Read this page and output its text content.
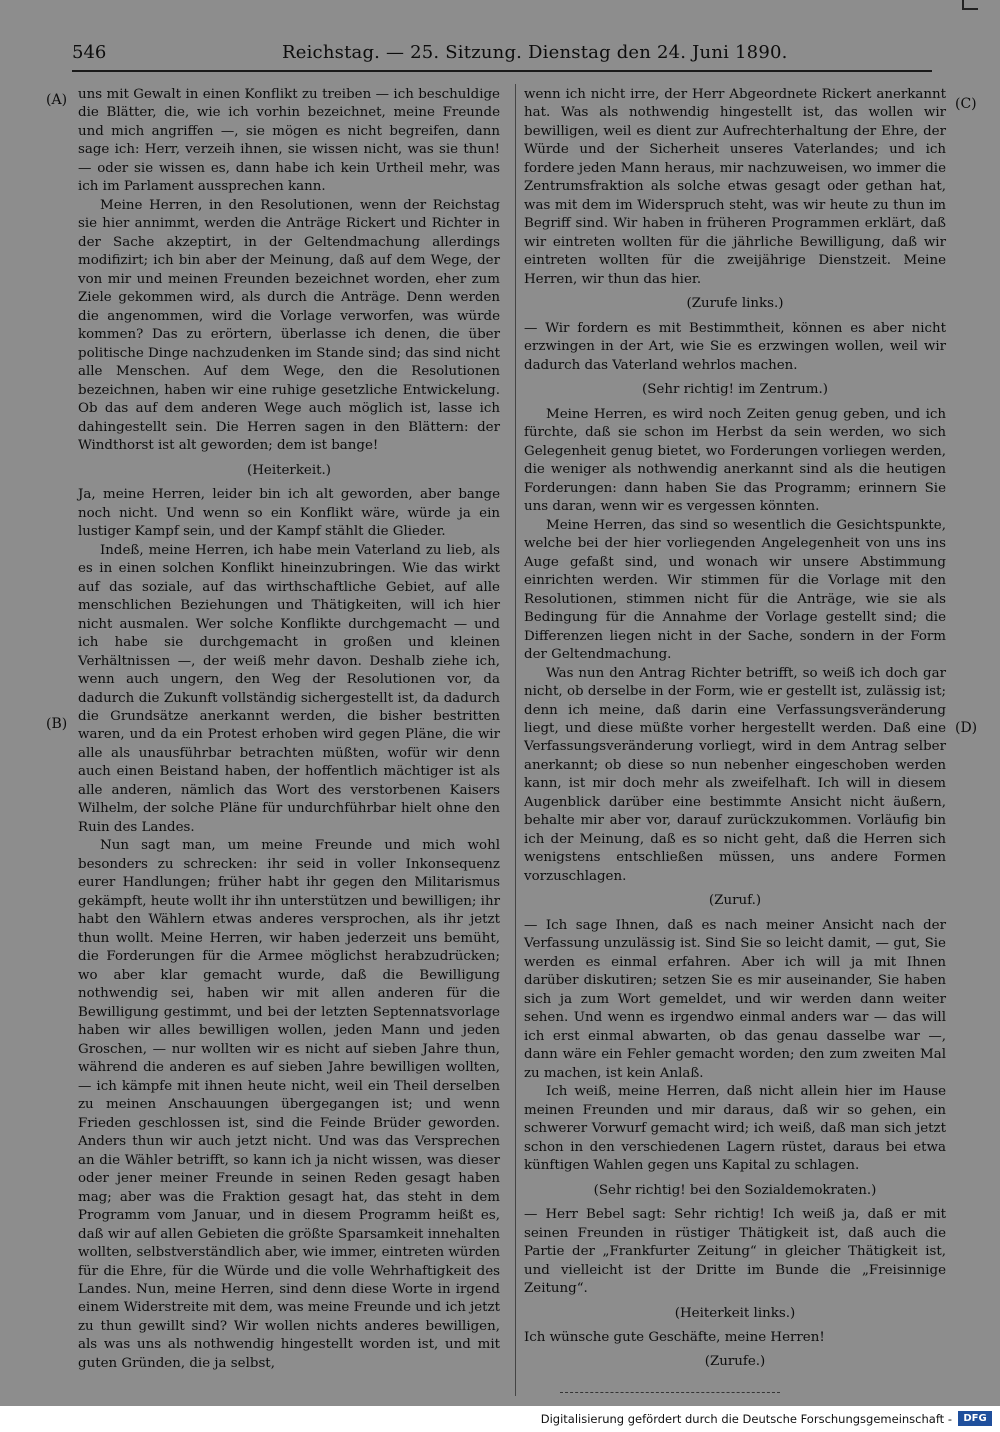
546	Reichstag. — 25. Sitzung. Dienstag den 24. Juni 1890.
(A)
(B)
(C)
(D)

uns mit Gewalt in einen Konflikt zu treiben — ich beschuldige die Blätter, die, wie ich vorhin bezeichnet, meine Freunde und mich angriffen —, sie mögen es nicht begreifen, dann sage ich: Herr, verzeih ihnen, sie wissen nicht, was sie thun! — oder sie wissen es, dann habe ich kein Urtheil mehr, was ich im Parlament aussprechen kann.

Meine Herren, in den Resolutionen, wenn der Reichstag sie hier annimmt, werden die Anträge Rickert und Richter in der Sache akzeptirt, in der Geltendmachung allerdings modifizirt; ich bin aber der Meinung, daß auf dem Wege, der von mir und meinen Freunden bezeichnet worden, eher zum Ziele gekommen wird, als durch die Anträge. Denn werden die angenommen, wird die Vorlage verworfen, was würde kommen? Das zu erörtern, überlasse ich denen, die über politische Dinge nachzudenken im Stande sind; das sind nicht alle Menschen. Auf dem Wege, den die Resolutionen bezeichnen, haben wir eine ruhige gesetzliche Entwickelung. Ob das auf dem anderen Wege auch möglich ist, lasse ich dahingestellt sein. Die Herren sagen in den Blättern: der Windthorst ist alt geworden; dem ist bange!

(Heiterkeit.)

Ja, meine Herren, leider bin ich alt geworden, aber bange noch nicht. Und wenn so ein Konflikt wäre, würde ja ein lustiger Kampf sein, und der Kampf stählt die Glieder.

Indeß, meine Herren, ich habe mein Vaterland zu lieb, als es in einen solchen Konflikt hineinzubringen. Wie das wirkt auf das soziale, auf das wirthschaftliche Gebiet, auf alle menschlichen Beziehungen und Thätigkeiten, will ich hier nicht ausmalen. Wer solche Konflikte durchgemacht — und ich habe sie durchgemacht in großen und kleinen Verhältnissen —, der weiß mehr davon. Deshalb ziehe ich, wenn auch ungern, den Weg der Resolutionen vor, da dadurch die Zukunft vollständig sichergestellt ist, da dadurch die Grundsätze anerkannt werden, die bisher bestritten waren, und da ein Protest erhoben wird gegen Pläne, die wir alle als unausführbar betrachten müßten, wofür wir denn auch einen Beistand haben, der hoffentlich mächtiger ist als alle anderen, nämlich das Wort des verstorbenen Kaisers Wilhelm, der solche Pläne für undurchführbar hielt ohne den Ruin des Landes.

Nun sagt man, um meine Freunde und mich wohl besonders zu schrecken: ihr seid in voller Inkonsequenz eurer Handlungen; früher habt ihr gegen den Militarismus gekämpft, heute wollt ihr ihn unterstützen und bewilligen; ihr habt den Wählern etwas anderes versprochen, als ihr jetzt thun wollt. Meine Herren, wir haben jederzeit uns bemüht, die Forderungen für die Armee möglichst herabzudrücken; wo aber klar gemacht wurde, daß die Bewilligung nothwendig sei, haben wir mit allen anderen für die Bewilligung gestimmt, und bei der letzten Septennatsvorlage haben wir alles bewilligen wollen, jeden Mann und jeden Groschen, — nur wollten wir es nicht auf sieben Jahre thun, während die anderen es auf sieben Jahre bewilligen wollten, — ich kämpfe mit ihnen heute nicht, weil ein Theil derselben zu meinen Anschauungen übergegangen ist; und wenn Frieden geschlossen ist, sind die Feinde Brüder geworden. Anders thun wir auch jetzt nicht. Und was das Versprechen an die Wähler betrifft, so kann ich ja nicht wissen, was dieser oder jener meiner Freunde in seinen Reden gesagt haben mag; aber was die Fraktion gesagt hat, das steht in dem Programm vom Januar, und in diesem Programm heißt es, daß wir auf allen Gebieten die größte Sparsamkeit innehalten wollten, selbstverständlich aber, wie immer, eintreten würden für die Ehre, für die Würde und die volle Wehrhaftigkeit des Landes. Nun, meine Herren, sind denn diese Worte in irgend einem Widerstreite mit dem, was meine Freunde und ich jetzt zu thun gewillt sind? Wir wollen nichts anderes bewilligen, als was uns als nothwendig hingestellt worden ist, und mit guten Gründen, die ja selbst,

wenn ich nicht irre, der Herr Abgeordnete Rickert anerkannt hat. Was als nothwendig hingestellt ist, das wollen wir bewilligen, weil es dient zur Aufrechterhaltung der Ehre, der Würde und der Sicherheit unseres Vaterlandes; und ich fordere jeden Mann heraus, mir nachzuweisen, wo immer die Zentrumsfraktion als solche etwas gesagt oder gethan hat, was mit dem im Widerspruch steht, was wir heute zu thun im Begriff sind. Wir haben in früheren Programmen erklärt, daß wir eintreten wollten für die jährliche Bewilligung, daß wir eintreten wollten für die zweijährige Dienstzeit. Meine Herren, wir thun das hier.

(Zurufe links.)

— Wir fordern es mit Bestimmtheit, können es aber nicht erzwingen in der Art, wie Sie es erzwingen wollen, weil wir dadurch das Vaterland wehrlos machen.

(Sehr richtig! im Zentrum.)

Meine Herren, es wird noch Zeiten genug geben, und ich fürchte, daß sie schon im Herbst da sein werden, wo sich Gelegenheit genug bietet, wo Forderungen vorliegen werden, die weniger als nothwendig anerkannt sind als die heutigen Forderungen: dann haben Sie das Programm; erinnern Sie uns daran, wenn wir es vergessen könnten.

Meine Herren, das sind so wesentlich die Gesichtspunkte, welche bei der hier vorliegenden Angelegenheit von uns ins Auge gefaßt sind, und wonach wir unsere Abstimmung einrichten werden. Wir stimmen für die Vorlage mit den Resolutionen, stimmen nicht für die Anträge, wie sie als Bedingung für die Annahme der Vorlage gestellt sind; die Differenzen liegen nicht in der Sache, sondern in der Form der Geltendmachung.

Was nun den Antrag Richter betrifft, so weiß ich doch gar nicht, ob derselbe in der Form, wie er gestellt ist, zulässig ist; denn ich meine, daß darin eine Verfassungsveränderung liegt, und diese müßte vorher hergestellt werden. Daß eine Verfassungsveränderung vorliegt, wird in dem Antrag selber anerkannt; ob diese so nun nebenher eingeschoben werden kann, ist mir doch mehr als zweifelhaft. Ich will in diesem Augenblick darüber eine bestimmte Ansicht nicht äußern, behalte mir aber vor, darauf zurückzukommen. Vorläufig bin ich der Meinung, daß es so nicht geht, daß die Herren sich wenigstens entschließen müssen, uns andere Formen vorzuschlagen.

(Zuruf.)

— Ich sage Ihnen, daß es nach meiner Ansicht nach der Verfassung unzulässig ist. Sind Sie so leicht damit, — gut, Sie werden es einmal erfahren. Aber ich will ja mit Ihnen darüber diskutiren; setzen Sie es mir auseinander, Sie haben sich ja zum Wort gemeldet, und wir werden dann weiter sehen. Und wenn es irgendwo einmal anders war — das will ich erst einmal abwarten, ob das genau dasselbe war —, dann wäre ein Fehler gemacht worden; den zum zweiten Mal zu machen, ist kein Anlaß.

Ich weiß, meine Herren, daß nicht allein hier im Hause meinen Freunden und mir daraus, daß wir so gehen, ein schwerer Vorwurf gemacht wird; ich weiß, daß man sich jetzt schon in den verschiedenen Lagern rüstet, daraus bei etwa künftigen Wahlen gegen uns Kapital zu schlagen.

(Sehr richtig! bei den Sozialdemokraten.)

— Herr Bebel sagt: Sehr richtig! Ich weiß ja, daß er mit seinen Freunden in rüstiger Thätigkeit ist, daß auch die Partie der „Frankfurter Zeitung“ in gleicher Thätigkeit ist, und vielleicht ist der Dritte im Bunde die „Freisinnige Zeitung“.

(Heiterkeit links.)

Ich wünsche gute Geschäfte, meine Herren!

(Zurufe.)

Digitalisierung gefördert durch die Deutsche Forschungsgemeinschaft -	DFG
